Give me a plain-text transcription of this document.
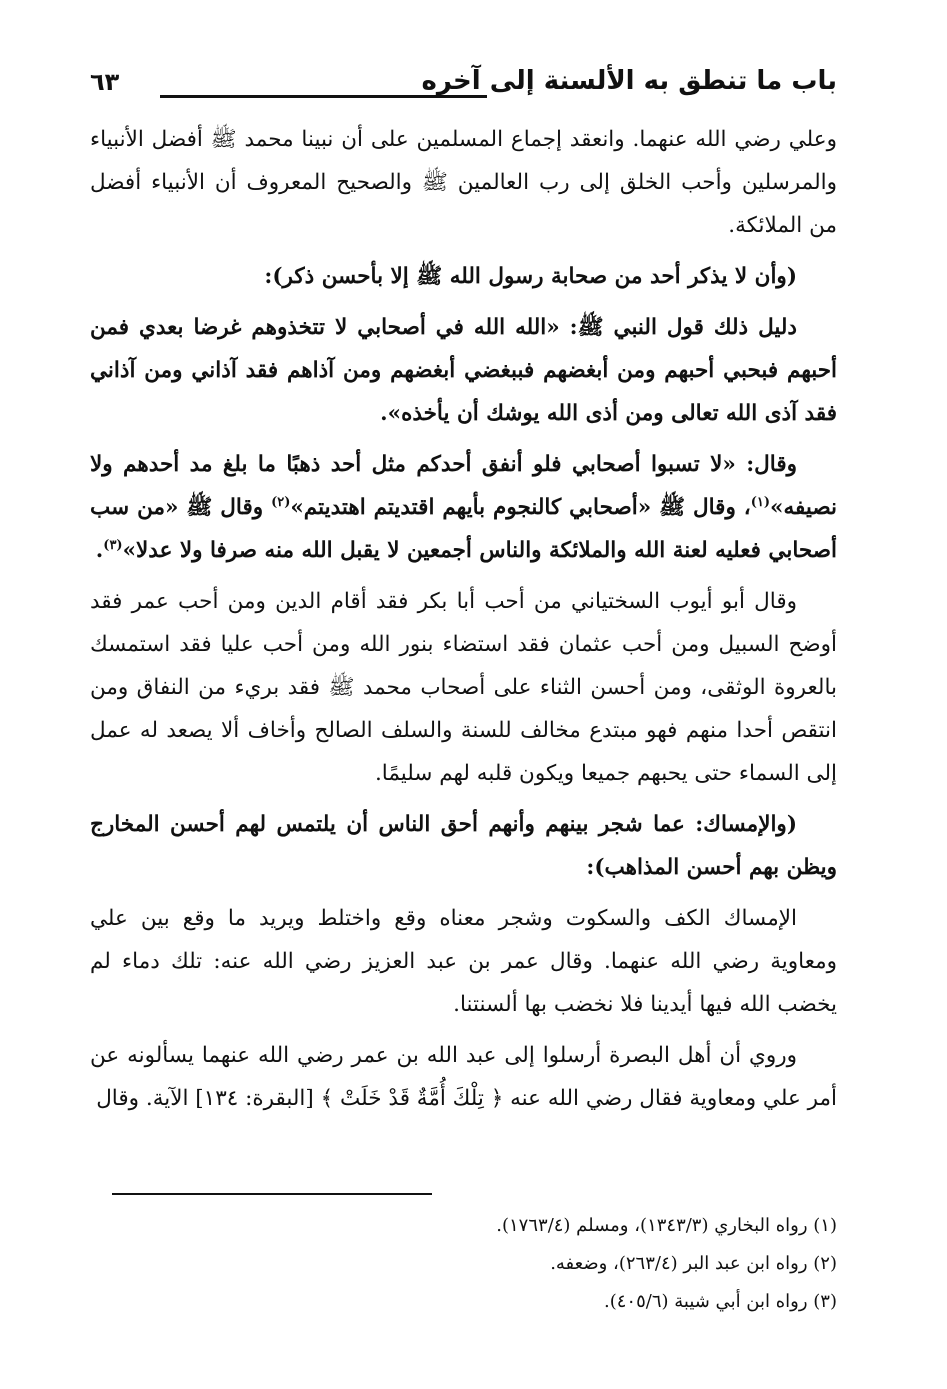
باب ما تنطق به الألسنة إلى آخره
٦٣

وعلي رضي الله عنهما. وانعقد إجماع المسلمين على أن نبينا محمد ﷺ أفضل الأنبياء والمرسلين وأحب الخلق إلى رب العالمين ﷺ والصحيح المعروف أن الأنبياء أفضل من الملائكة.

(وأن لا يذكر أحد من صحابة رسول الله ﷺ إلا بأحسن ذكر):

دليل ذلك قول النبي ﷺ: «الله الله في أصحابي لا تتخذوهم غرضا بعدي فمن أحبهم فبحبي أحبهم ومن أبغضهم فببغضي أبغضهم ومن آذاهم فقد آذاني ومن آذاني فقد آذى الله تعالى ومن أذى الله يوشك أن يأخذه».

وقال: «لا تسبوا أصحابي فلو أنفق أحدكم مثل أحد ذهبًا ما بلغ مد أحدهم ولا نصيفه»$^{(١)}$، وقال ﷺ «أصحابي كالنجوم بأيهم اقتديتم اهتديتم»$^{(٢)}$ وقال ﷺ «من سب أصحابي فعليه لعنة الله والملائكة والناس أجمعين لا يقبل الله منه صرفا ولا عدلا»$^{(٣)}$.

وقال أبو أيوب السختياني من أحب أبا بكر فقد أقام الدين ومن أحب عمر فقد أوضح السبيل ومن أحب عثمان فقد استضاء بنور الله ومن أحب عليا فقد استمسك بالعروة الوثقى، ومن أحسن الثناء على أصحاب محمد ﷺ فقد بريء من النفاق ومن انتقص أحدا منهم فهو مبتدع مخالف للسنة والسلف الصالح وأخاف ألا يصعد له عمل إلى السماء حتى يحبهم جميعا ويكون قلبه لهم سليمًا.

(والإمساك: عما شجر بينهم وأنهم أحق الناس أن يلتمس لهم أحسن المخارج ويظن بهم أحسن المذاهب):

الإمساك الكف والسكوت وشجر معناه وقع واختلط ويريد ما وقع بين علي ومعاوية رضي الله عنهما. وقال عمر بن عبد العزيز رضي الله عنه: تلك دماء لم يخضب الله فيها أيدينا فلا نخضب بها ألسنتنا.

وروي أن أهل البصرة أرسلوا إلى عبد الله بن عمر رضي الله عنهما يسألونه عن أمر علي ومعاوية فقال رضي الله عنه ﴿ تِلْكَ أُمَّةٌ قَدْ خَلَتْ ﴾ [البقرة: ١٣٤] الآية. وقال

(١) رواه البخاري (١٣٤٣/٣)، ومسلم (١٧٦٣/٤).

(٢) رواه ابن عبد البر (٢٦٣/٤)، وضعفه.

(٣) رواه ابن أبي شيبة (٤٠٥/٦).
